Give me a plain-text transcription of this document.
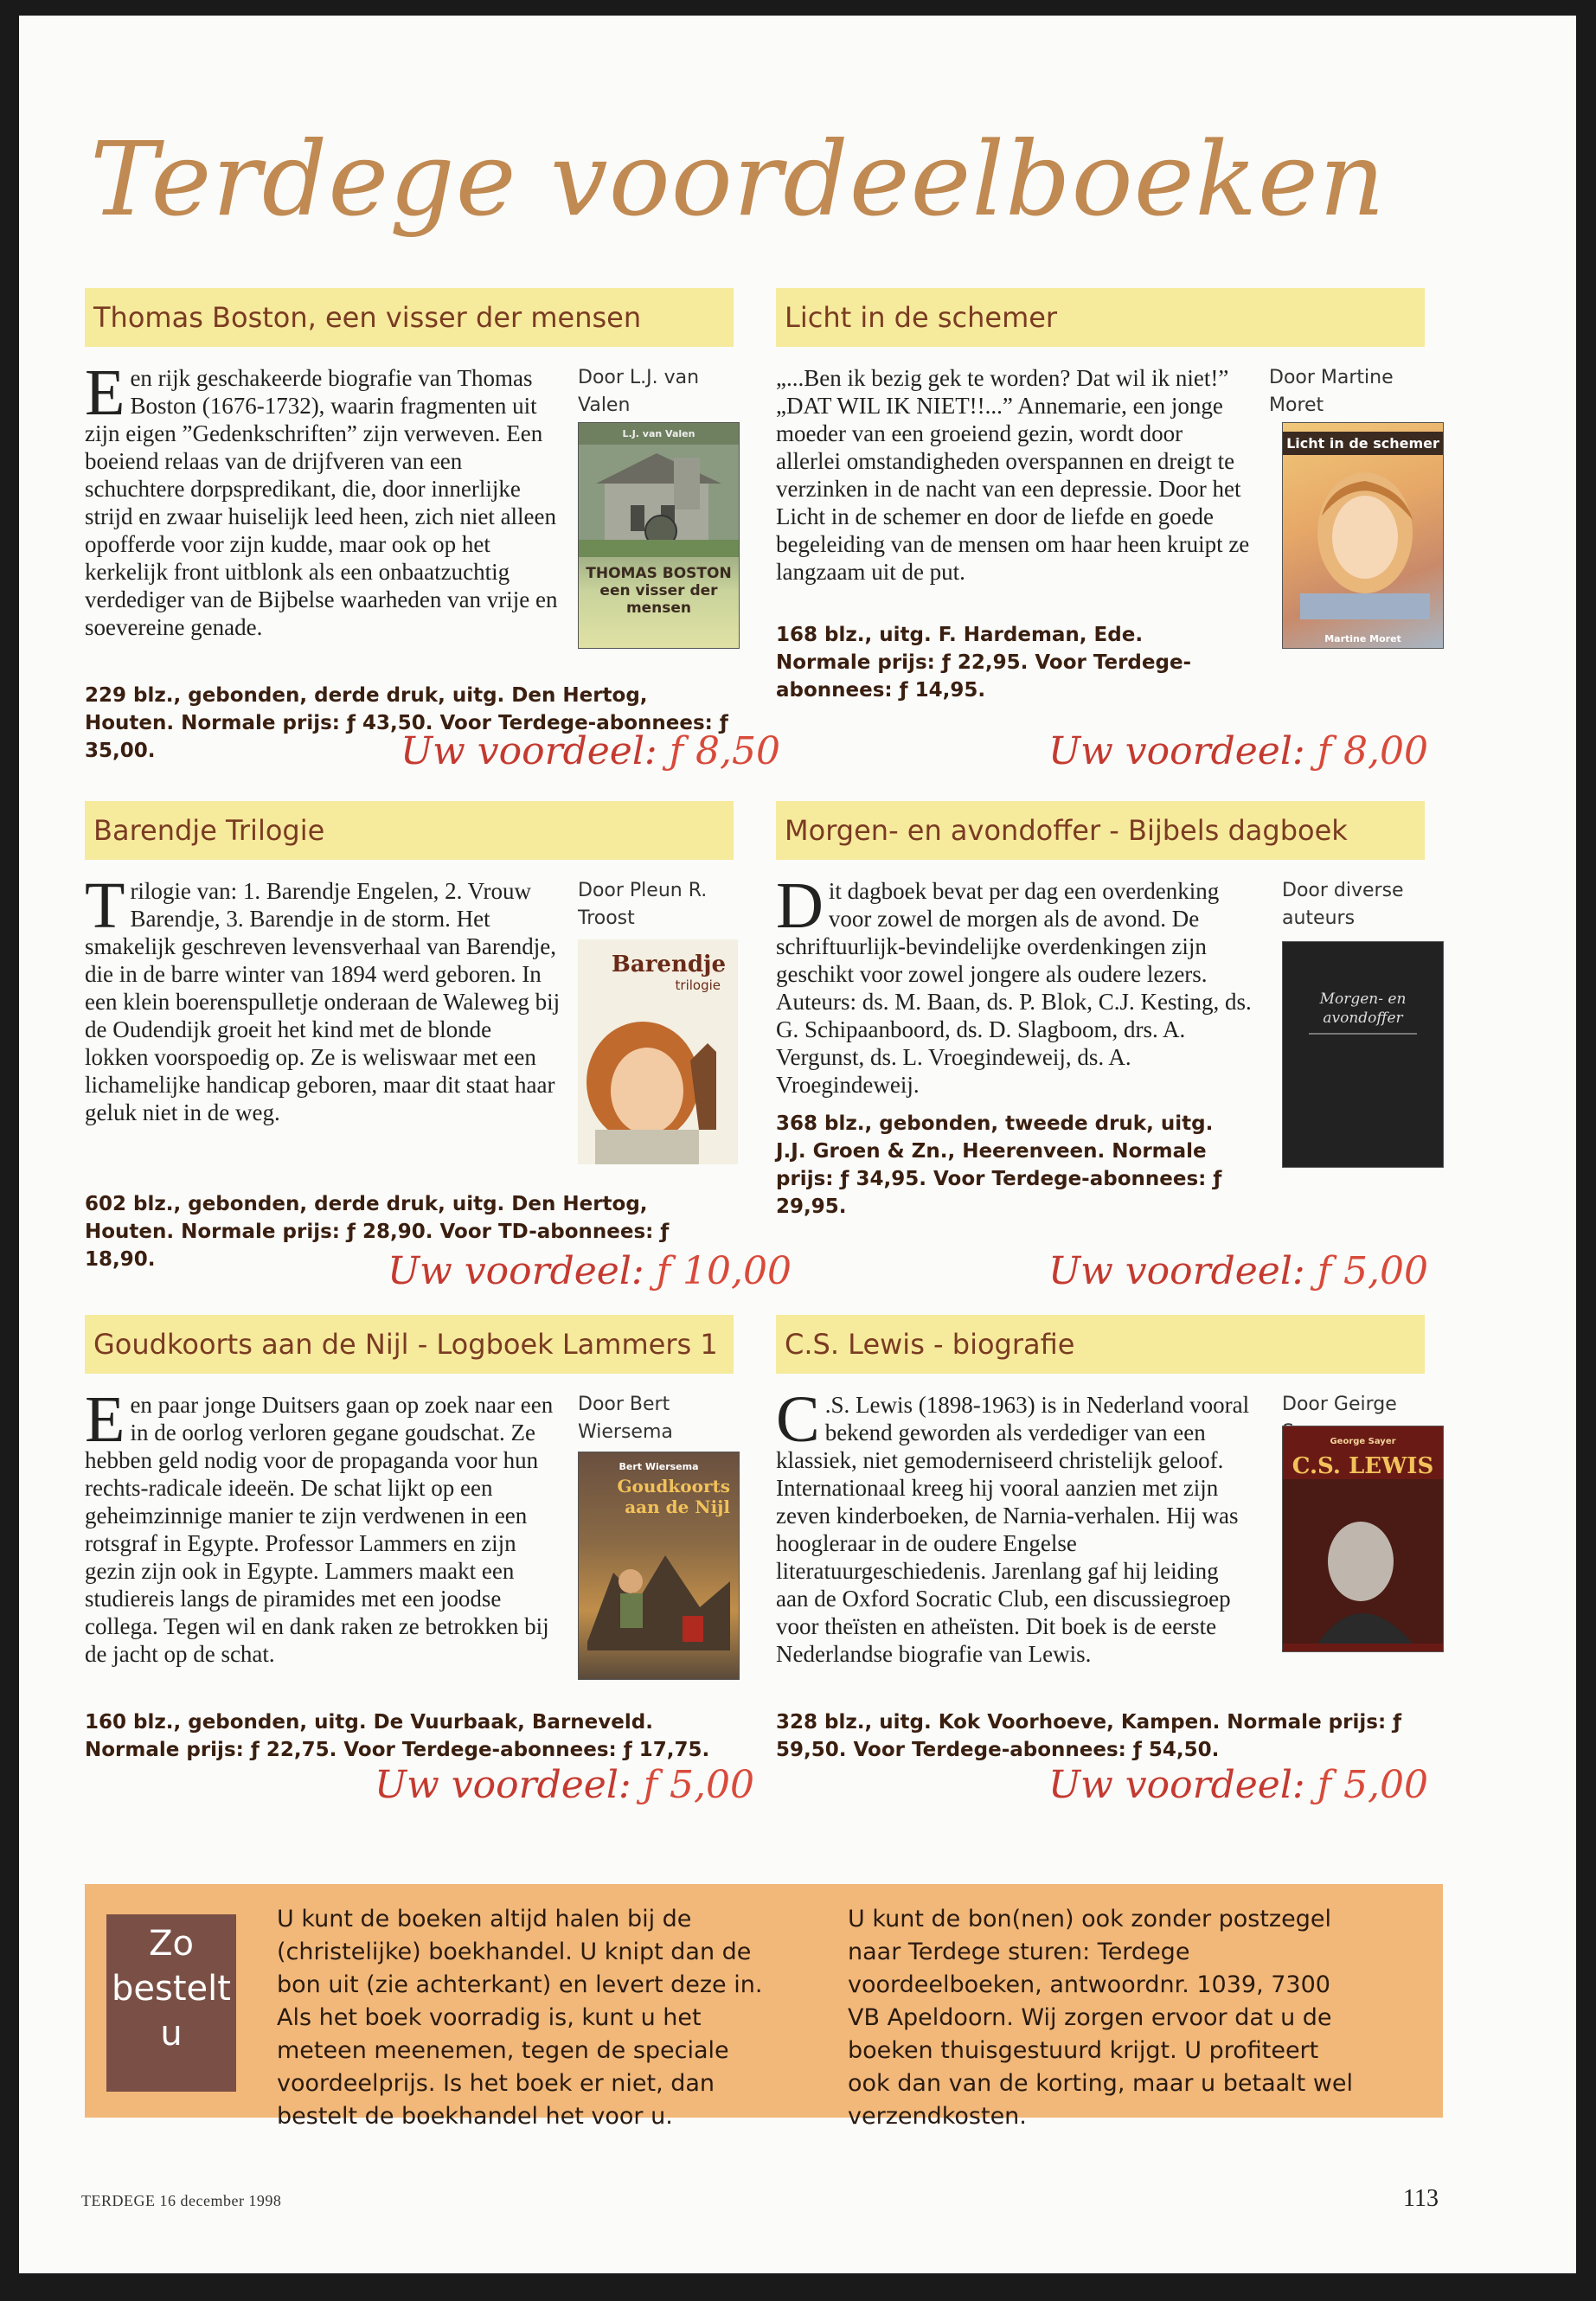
Terdege voordeelboeken
Thomas Boston, een visser der mensen
Een rijk geschakeerde biografie van Thomas Boston (1676-1732), waarin fragmenten uit zijn eigen ”Gedenkschriften” zijn verweven. Een boeiend relaas van de drijfveren van een schuchtere dorpspredikant, die, door innerlijke strijd en zwaar huiselijk leed heen, zich niet alleen opofferde voor zijn kudde, maar ook op het kerkelijk front uitblonk als een onbaatzuchtig verdediger van de Bijbelse waarheden van vrije en soevereine genade.
Door L.J. van Valen
L.J. van Valen
THOMAS BOSTON een visser der mensen
229 blz., gebonden, derde druk, uitg. Den Hertog, Houten. Normale prijs: ƒ 43,50. Voor Terdege-abonnees: ƒ 35,00.	Uw voordeel: ƒ 8,50
Licht in de schemer
„...Ben ik bezig gek te worden? Dat wil ik niet!” „DAT WIL IK NIET!!...” Annemarie, een jonge moeder van een groeiend gezin, wordt door allerlei omstandigheden overspannen en dreigt te verzinken in de nacht van een depressie. Door het Licht in de schemer en door de liefde en goede begeleiding van de mensen om haar heen kruipt ze langzaam uit de put.
Door Martine Moret
Licht in de schemer
Martine Moret
168 blz., uitg. F. Hardeman, Ede. Normale prijs: ƒ 22,95. Voor Terdege-abonnees: ƒ 14,95.
Uw voordeel: ƒ 8,00
Barendje Trilogie
Trilogie van: 1. Barendje Engelen, 2. Vrouw Barendje, 3. Barendje in de storm. Het smakelijk geschreven levensverhaal van Barendje, die in de barre winter van 1894 werd geboren. In een klein boerenspulletje onderaan de Waleweg bij de Oudendijk groeit het kind met de blonde lokken voorspoedig op. Ze is weliswaar met een lichamelijke handicap geboren, maar dit staat haar geluk niet in de weg.
Door Pleun R. Troost
Barendje
trilogie
602 blz., gebonden, derde druk, uitg. Den Hertog, Houten. Normale prijs: ƒ 28,90. Voor TD-abonnees: ƒ 18,90.	Uw voordeel: ƒ 10,00
Morgen- en avondoffer - Bijbels dagboek
Dit dagboek bevat per dag een overdenking voor zowel de morgen als de avond. De schriftuurlijk-bevindelijke overdenkingen zijn geschikt voor zowel jongere als oudere lezers. Auteurs: ds. M. Baan, ds. P. Blok, C.J. Kesting, ds. G. Schipaanboord, ds. D. Slagboom, drs. A. Vergunst, ds. L. Vroegindeweij, ds. A. Vroegindeweij.
Door diverse auteurs
Morgen- en avondoffer
368 blz., gebonden, tweede druk, uitg. J.J. Groen & Zn., Heerenveen. Normale prijs: ƒ 34,95. Voor Terdege-abonnees: ƒ 29,95.
Uw voordeel: ƒ 5,00
Goudkoorts aan de Nijl - Logboek Lammers 1
Een paar jonge Duitsers gaan op zoek naar een in de oorlog verloren gegane goudschat. Ze hebben geld nodig voor de propaganda voor hun rechts-radicale ideeën. De schat lijkt op een geheimzinnige manier te zijn verdwenen in een rotsgraf in Egypte. Professor Lammers en zijn gezin zijn ook in Egypte. Lammers maakt een studiereis langs de piramides met een joodse collega. Tegen wil en dank raken ze betrokken bij de jacht op de schat.
Door Bert Wiersema
Bert Wiersema
Goudkoorts aan de Nijl
160 blz., gebonden, uitg. De Vuurbaak, Barneveld. Normale prijs: ƒ 22,75. Voor Terdege-abonnees: ƒ 17,75.
Uw voordeel: ƒ 5,00
C.S. Lewis - biografie
C .S. Lewis (1898-1963) is in Nederland vooral bekend geworden als verdediger van een klassiek, niet gemoderniseerd christelijk geloof. Internationaal kreeg hij vooral aanzien met zijn zeven kinderboeken, de Narnia-verhalen. Hij was hoogleraar in de oudere Engelse literatuurgeschiedenis. Jarenlang gaf hij leiding aan de Oxford Socratic Club, een discussiegroep voor theïsten en atheïsten. Dit boek is de eerste Nederlandse biografie van Lewis.
Door Geirge
George Sayer
C.S. LEWIS
328 blz., uitg. Kok Voorhoeve, Kampen. Normale prijs: ƒ 59,50. Voor Terdege-abonnees: ƒ 54,50.
Uw voordeel: ƒ 5,00
Zo bestelt u
U kunt de boeken altijd halen bij de (christelijke) boekhandel. U knipt dan de bon uit (zie achterkant) en levert deze in. Als het boek voorradig is, kunt u het meteen meenemen, tegen de speciale voordeelprijs. Is het boek er niet, dan bestelt de boekhandel het voor u.
U kunt de bon(nen) ook zonder postzegel naar Terdege sturen: Terdege voordeelboeken, antwoordnr. 1039, 7300 VB Apeldoorn. Wij zorgen ervoor dat u de boeken thuisgestuurd krijgt. U profiteert ook dan van de korting, maar u betaalt wel verzendkosten.
TERDEGE 16 december 1998	113
